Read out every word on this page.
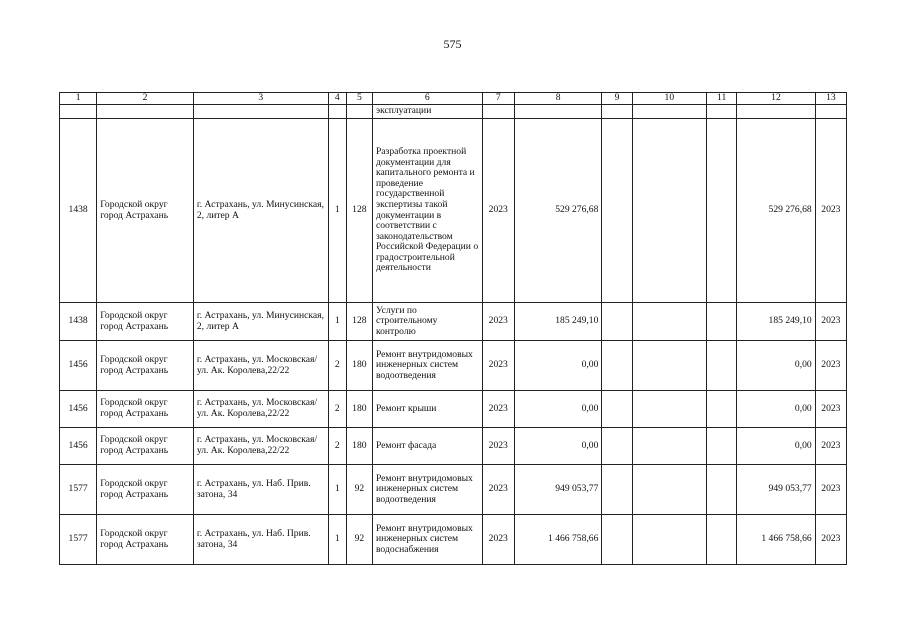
575
1	2	3	4	5	6	7	8	9	10	11	12	13
					эксплуатации							
1438	Городской округ город Астрахань	г. Астрахань, ул. Минусинская, 2, литер А	1	128	Разработка проектной документации для капитального ремонта и проведение государственной экспертизы такой документации в соответствии с законодательством Российской Федерации о градостроительной деятельности	2023	529 276,68				529 276,68	2023
1438	Городской округ город Астрахань	г. Астрахань, ул. Минусинская, 2, литер А	1	128	Услуги по строительному контролю	2023	185 249,10				185 249,10	2023
1456	Городской округ город Астрахань	г. Астрахань, ул. Московская/ ул. Ак. Королева,22/22	2	180	Ремонт внутридомовых инженерных систем водоотведения	2023	0,00				0,00	2023
1456	Городской округ город Астрахань	г. Астрахань, ул. Московская/ ул. Ак. Королева,22/22	2	180	Ремонт крыши	2023	0,00				0,00	2023
1456	Городской округ город Астрахань	г. Астрахань, ул. Московская/ ул. Ак. Королева,22/22	2	180	Ремонт фасада	2023	0,00				0,00	2023
1577	Городской округ город Астрахань	г. Астрахань, ул. Наб. Прив. затона, 34	1	92	Ремонт внутридомовых инженерных систем водоотведения	2023	949 053,77				949 053,77	2023
1577	Городской округ город Астрахань	г. Астрахань, ул. Наб. Прив. затона, 34	1	92	Ремонт внутридомовых инженерных систем водоснабжения	2023	1 466 758,66				1 466 758,66	2023
